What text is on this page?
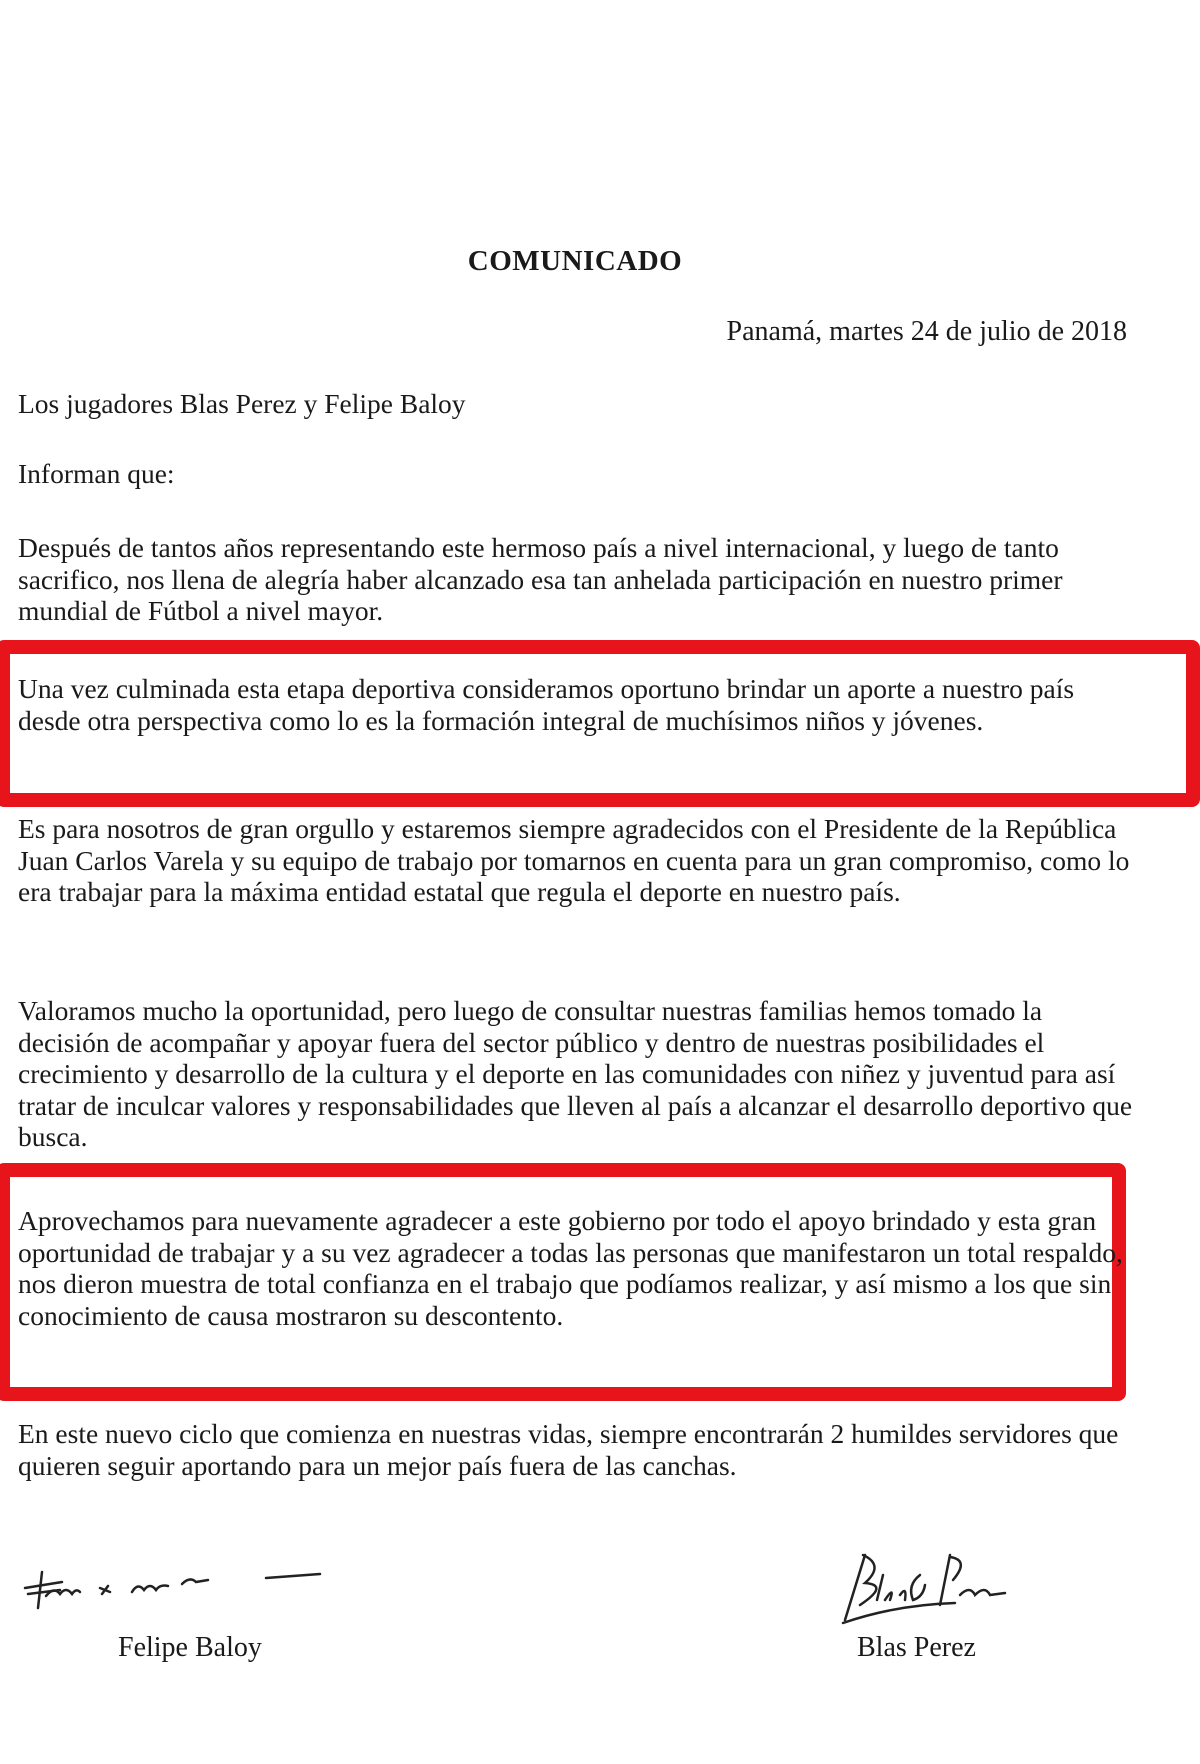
COMUNICADO
Panamá, martes 24 de julio de 2018
Los jugadores Blas Perez y Felipe Baloy
Informan que:
Después de tantos años representando este hermoso país a nivel internacional, y luego de tanto sacrifico, nos llena de alegría haber alcanzado esa tan anhelada participación en nuestro primer mundial de Fútbol a nivel mayor.
Una vez culminada esta etapa deportiva consideramos oportuno brindar un aporte a nuestro país desde otra perspectiva como lo es la formación integral de muchísimos niños y jóvenes.
Es para nosotros de gran orgullo y estaremos siempre agradecidos con el Presidente de la República Juan Carlos Varela y su equipo de trabajo por tomarnos en cuenta para un gran compromiso, como lo era trabajar para la máxima entidad estatal que regula el deporte en nuestro país.
Valoramos mucho la oportunidad, pero luego de consultar nuestras familias hemos tomado la decisión de acompañar y apoyar fuera del sector público y dentro de nuestras posibilidades el crecimiento y desarrollo de la cultura y el deporte en las comunidades con niñez y juventud para así tratar de inculcar valores y responsabilidades que lleven al país a alcanzar el desarrollo deportivo que busca.
Aprovechamos para nuevamente agradecer a este gobierno por todo el apoyo brindado y esta gran oportunidad de trabajar y a su vez agradecer a todas las personas que manifestaron un total respaldo, nos dieron muestra de total confianza en el trabajo que podíamos realizar, y así mismo a los que sin conocimiento de causa mostraron su descontento.
En este nuevo ciclo que comienza en nuestras vidas, siempre encontrarán 2 humildes servidores que quieren seguir aportando para un mejor país fuera de las canchas.
Felipe Baloy	Blas Perez
